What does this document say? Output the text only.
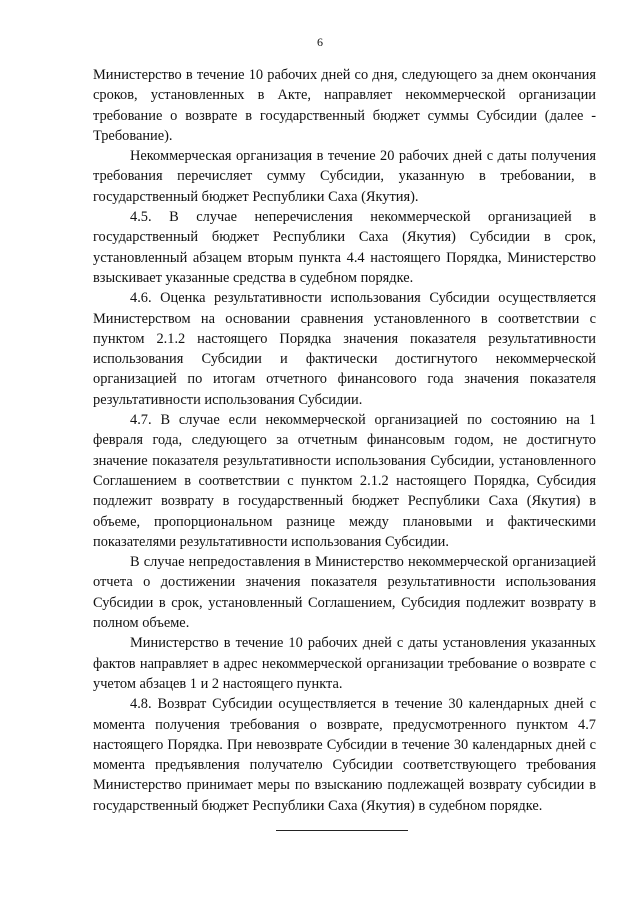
6

Министерство в течение 10 рабочих дней со дня, следующего за днем окончания сроков, установленных в Акте, направляет некоммерческой организации требование о возврате в государственный бюджет суммы Субсидии (далее - Требование).

Некоммерческая организация в течение 20 рабочих дней с даты получения требования перечисляет сумму Субсидии, указанную в требовании, в государственный бюджет Республики Саха (Якутия).

4.5. В случае неперечисления некоммерческой организацией в государственный бюджет Республики Саха (Якутия) Субсидии в срок, установленный абзацем вторым пункта 4.4 настоящего Порядка, Министерство взыскивает указанные средства в судебном порядке.

4.6. Оценка результативности использования Субсидии осуществляется Министерством на основании сравнения установленного в соответствии с пунктом 2.1.2 настоящего Порядка значения показателя результативности использования Субсидии и фактически достигнутого некоммерческой организацией по итогам отчетного финансового года значения показателя результативности использования Субсидии.

4.7. В случае если некоммерческой организацией по состоянию на 1 февраля года, следующего за отчетным финансовым годом, не достигнуто значение показателя результативности использования Субсидии, установленного Соглашением в соответствии с пунктом 2.1.2 настоящего Порядка, Субсидия подлежит возврату в государственный бюджет Республики Саха (Якутия) в объеме, пропорциональном разнице между плановыми и фактическими показателями результативности использования Субсидии.

В случае непредоставления в Министерство некоммерческой организацией отчета о достижении значения показателя результативности использования Субсидии в срок, установленный Соглашением, Субсидия подлежит возврату в полном объеме.

Министерство в течение 10 рабочих дней с даты установления указанных фактов направляет в адрес некоммерческой организации требование о возврате с учетом абзацев 1 и 2 настоящего пункта.

4.8. Возврат Субсидии осуществляется в течение 30 календарных дней с момента получения требования о возврате, предусмотренного пунктом 4.7 настоящего Порядка. При невозврате Субсидии в течение 30 календарных дней с момента предъявления получателю Субсидии соответствующего требования Министерство принимает меры по взысканию подлежащей возврату субсидии в государственный бюджет Республики Саха (Якутия) в судебном порядке.
